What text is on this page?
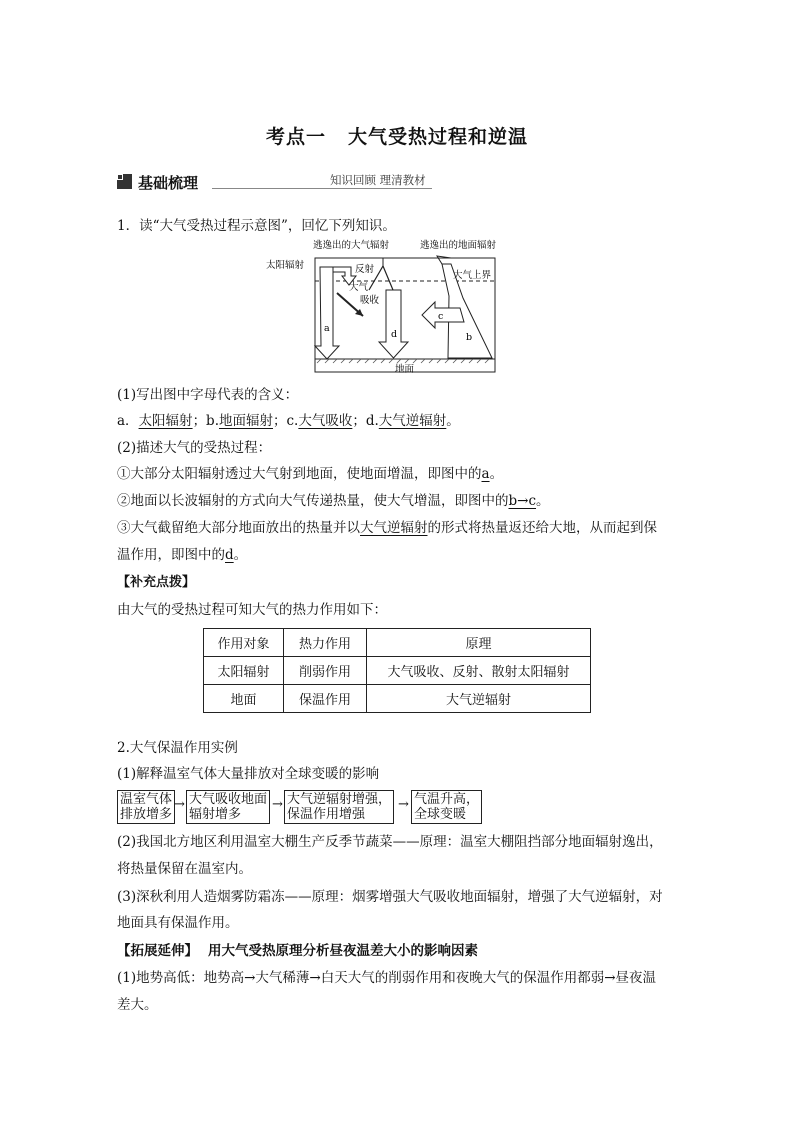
考点一 大气受热过程和逆温
基础梳理	知识回顾 理清教材
1．读“大气受热过程示意图”，回忆下列知识。
逃逸出的大气辐射	逃逸出的地面辐射
太阳辐射	反射
大气
吸收
大气上界
a
d
c
b
地面
(1)写出图中字母代表的含义：
a．太阳辐射；b.地面辐射；c.大气吸收；d.大气逆辐射。
(2)描述大气的受热过程：
①大部分太阳辐射透过大气射到地面，使地面增温，即图中的a。
②地面以长波辐射的方式向大气传递热量，使大气增温，即图中的b→c。
③大气截留绝大部分地面放出的热量并以大气逆辐射的形式将热量返还给大地，从而起到保
温作用，即图中的d。
【补充点拨】
由大气的受热过程可知大气的热力作用如下：
作用对象	热力作用	原理
太阳辐射	削弱作用	大气吸收、反射、散射太阳辐射
地面	保温作用	大气逆辐射
2.大气保温作用实例
(1)解释温室气体大量排放对全球变暖的影响
温室气体
排放增多
→ 大气吸收地面
辐射增多
→ 大气逆辐射增强，
保温作用增强
→ 气温升高，
全球变暖
(2)我国北方地区利用温室大棚生产反季节蔬菜——原理：温室大棚阻挡部分地面辐射逸出，
将热量保留在温室内。
(3)深秋利用人造烟雾防霜冻——原理：烟雾增强大气吸收地面辐射，增强了大气逆辐射，对
地面具有保温作用。
【拓展延伸】 用大气受热原理分析昼夜温差大小的影响因素
(1)地势高低：地势高→大气稀薄→白天大气的削弱作用和夜晚大气的保温作用都弱→昼夜温
差大。
